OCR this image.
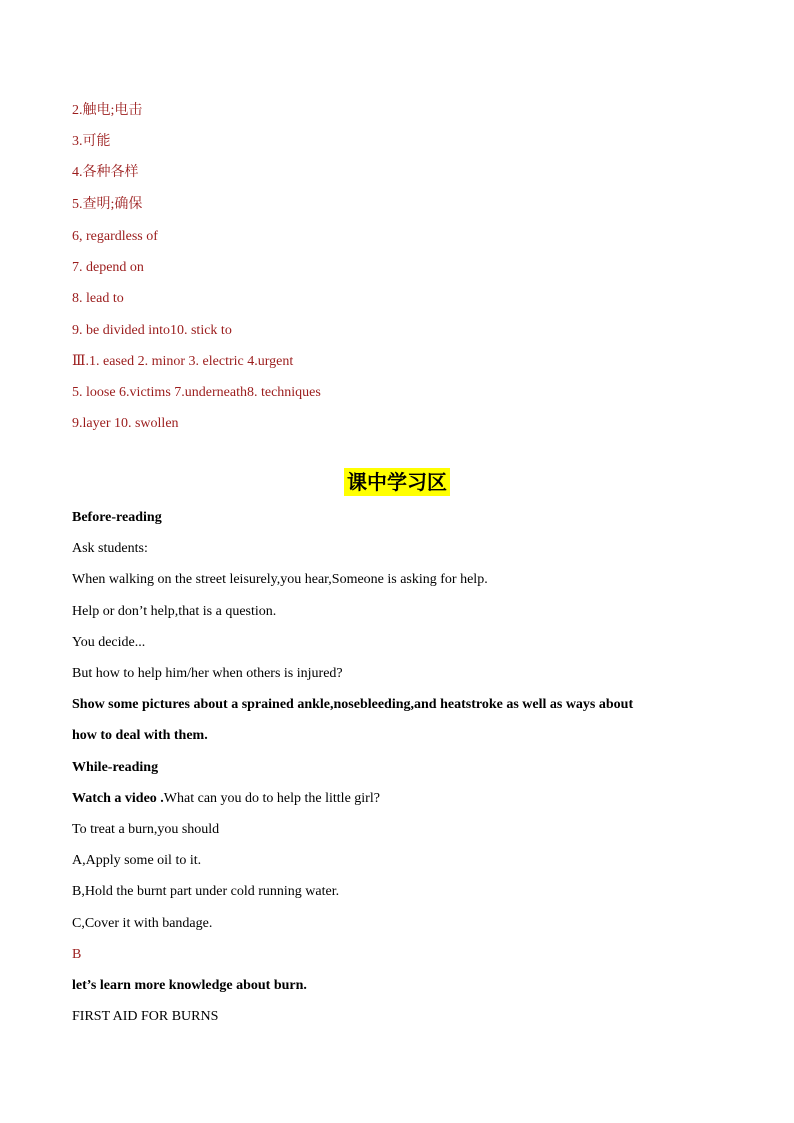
2.触电;电击
3.可能
4.各种各样
5.查明;确保
6, regardless of
7. depend on
8. lead to
9. be divided into10. stick to
Ⅲ.1. eased 2. minor 3. electric 4.urgent
5. loose 6.victims 7.underneath8. techniques
9.layer 10. swollen
课中学习区
Before-reading
Ask students:
When walking on the street leisurely,you hear,Someone is asking for help.
Help or don’t help,that is a question.
You decide...
But how to help him/her when others is injured?
Show some pictures about a sprained ankle,nosebleeding,and heatstroke as well as ways about
how to deal with them.
While-reading
Watch a video .What can you do to help the little girl?
To treat a burn,you should
A,Apply some oil to it.
B,Hold the burnt part under cold running water.
C,Cover it with bandage.
B
let’s learn more knowledge about burn.
FIRST AID FOR BURNS
